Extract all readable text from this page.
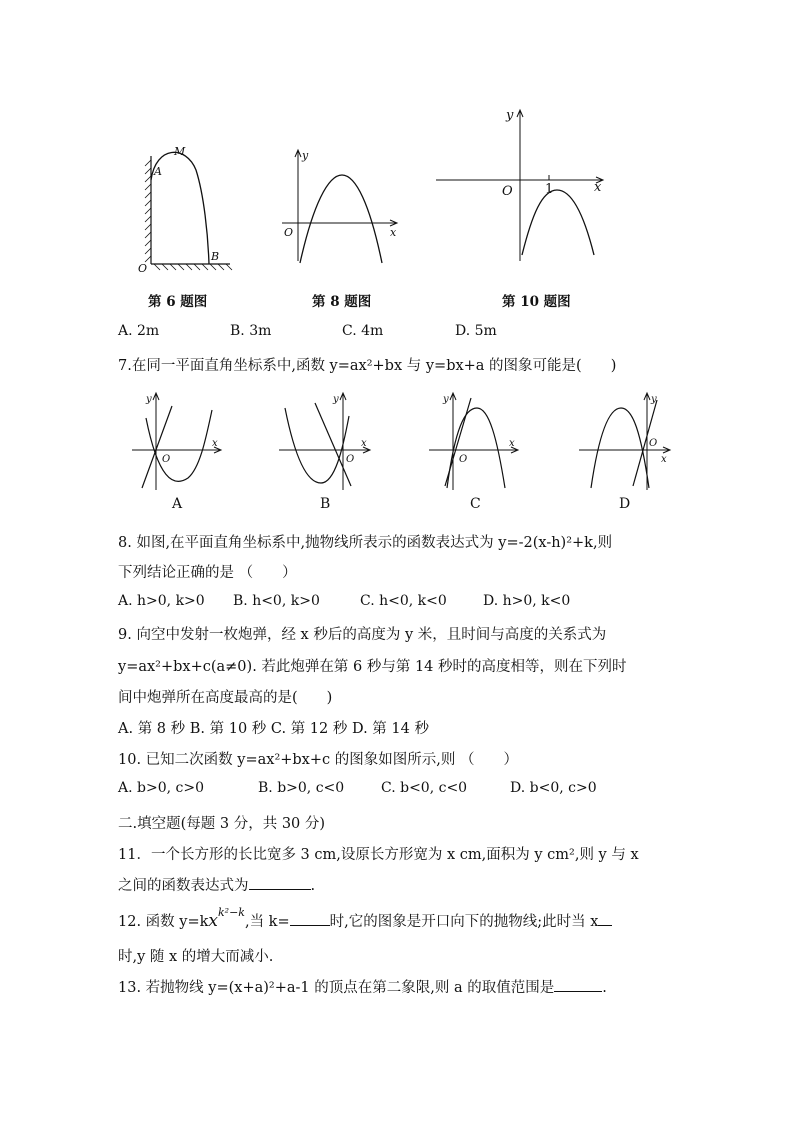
M
A
O
B
第 6 题图
y
O	x
第 8 题图
y
O 1	x
第 10 题图
A. 2m	B. 3m	C. 4m	D. 5m
7.在同一平面直角坐标系中,函数 y=ax²+bx 与 y=bx+a 的图象可能是(　　)
y
O
x
A
y
O
x
B
y
O
x
C
y
O
x
D
8. 如图,在平面直角坐标系中,抛物线所表示的函数表达式为 y=-2(x-h)²+k,则
下列结论正确的是 （　　）
A. h>0, k>0 B. h<0, k>0	C. h<0, k<0	D. h>0, k<0
9. 向空中发射一枚炮弹，经 x 秒后的高度为 y 米，且时间与高度的关系式为
y=ax²+bx+c(a≠0). 若此炮弹在第 6 秒与第 14 秒时的高度相等，则在下列时
间中炮弹所在高度最高的是(　　)
A. 第 8 秒 B. 第 10 秒 C. 第 12 秒 D. 第 14 秒
10. 已知二次函数 y=ax²+bx+c 的图象如图所示,则 （　　）
A. b>0, c>0	B. b>0, c<0	C. b<0, c<0	D. b<0, c>0
二.填空题(每题 3 分，共 30 分)
11．一个长方形的长比宽多 3 cm,设原长方形宽为 x cm,面积为 y cm²,则 y 与 x
之间的函数表达式为	.
12. 函数 $y=kx^{k^2-k}$,当 k=	时,它的图象是开口向下的抛物线;此时当 x
时,y 随 x 的增大而减小.
13. 若抛物线 y=(x+a)²+a-1 的顶点在第二象限,则 a 的取值范围是	.
